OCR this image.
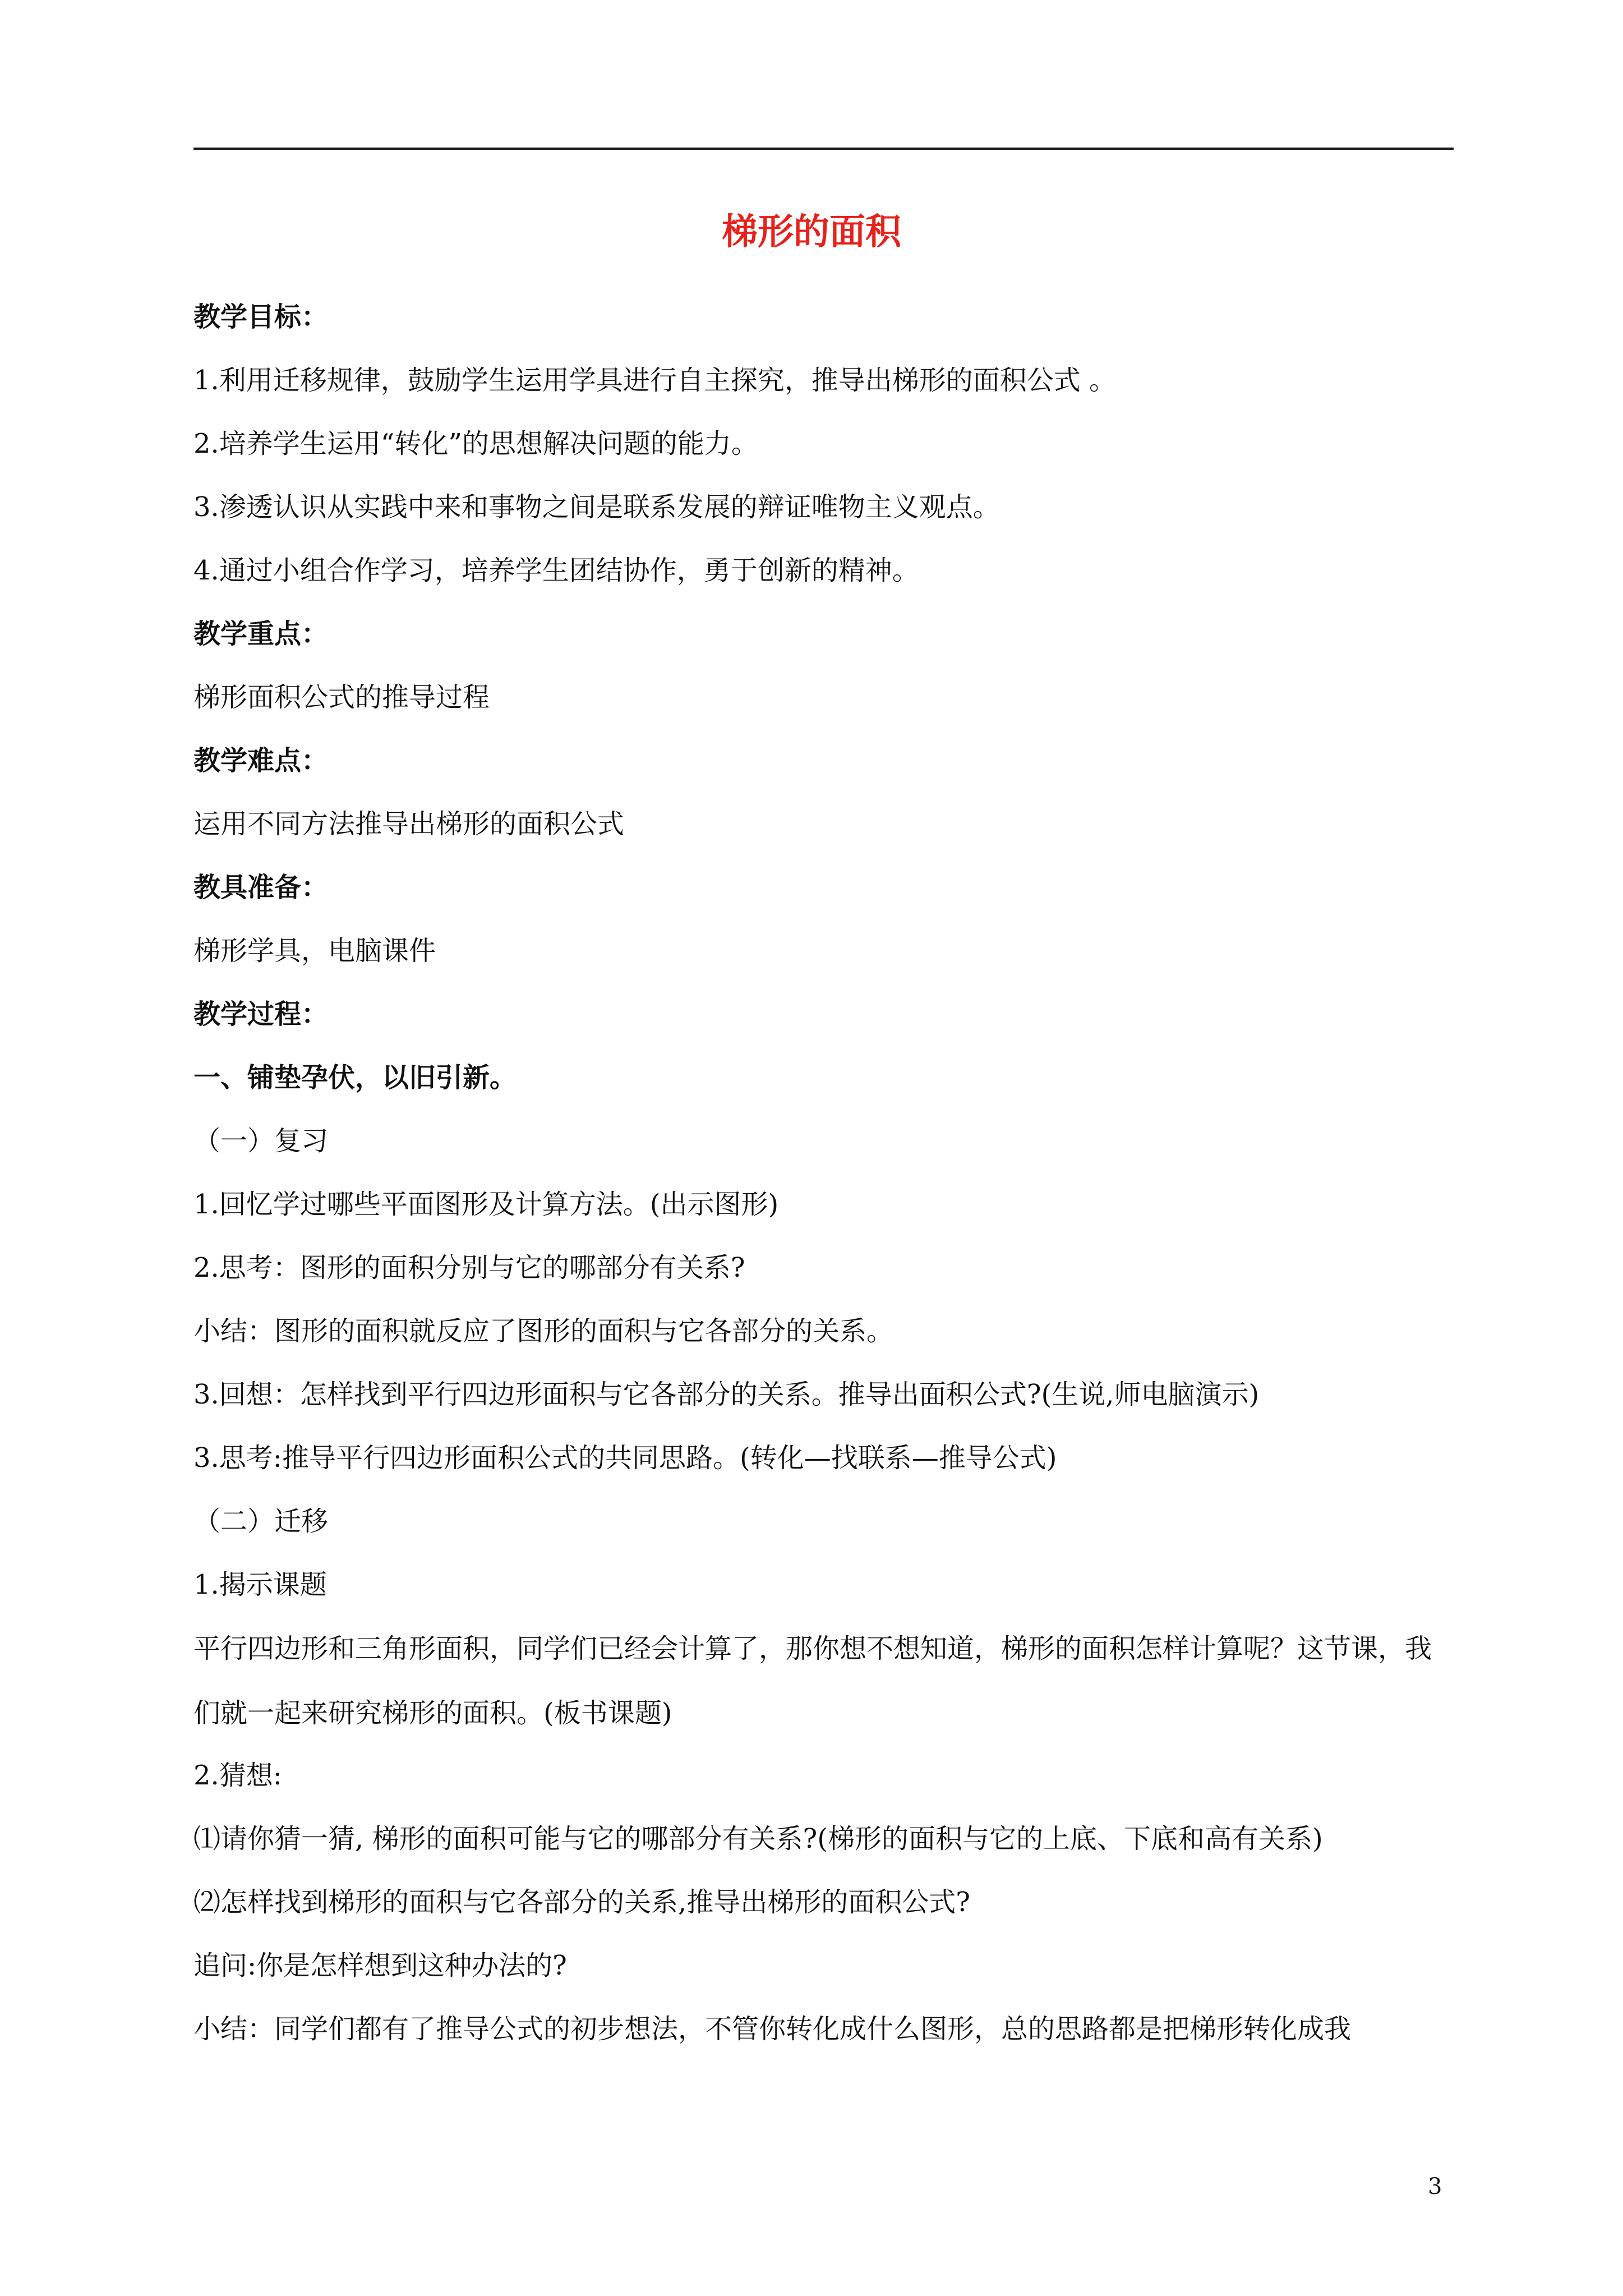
梯形的面积
教学目标：
1.利用迁移规律，鼓励学生运用学具进行自主探究，推导出梯形的面积公式 。
2.培养学生运用“转化”的思想解决问题的能力。
3.渗透认识从实践中来和事物之间是联系发展的辩证唯物主义观点。
4.通过小组合作学习，培养学生团结协作，勇于创新的精神。
教学重点：
梯形面积公式的推导过程
教学难点：
运用不同方法推导出梯形的面积公式
教具准备：
梯形学具，电脑课件
教学过程：
一、铺垫孕伏，以旧引新。
（一）复习
1.回忆学过哪些平面图形及计算方法。(出示图形)
2.思考：图形的面积分别与它的哪部分有关系?
小结：图形的面积就反应了图形的面积与它各部分的关系。
3.回想：怎样找到平行四边形面积与它各部分的关系。推导出面积公式?(生说,师电脑演示)
3.思考:推导平行四边形面积公式的共同思路。(转化—找联系—推导公式)
（二）迁移
1.揭示课题

平行四边形和三角形面积，同学们已经会计算了，那你想不想知道，梯形的面积怎样计算呢？这节课，我们就一起来研究梯形的面积。(板书课题)

2.猜想:
⑴请你猜一猜, 梯形的面积可能与它的哪部分有关系?(梯形的面积与它的上底、下底和高有关系)
⑵怎样找到梯形的面积与它各部分的关系,推导出梯形的面积公式?
追问:你是怎样想到这种办法的?
小结：同学们都有了推导公式的初步想法，不管你转化成什么图形，总的思路都是把梯形转化成我
3
